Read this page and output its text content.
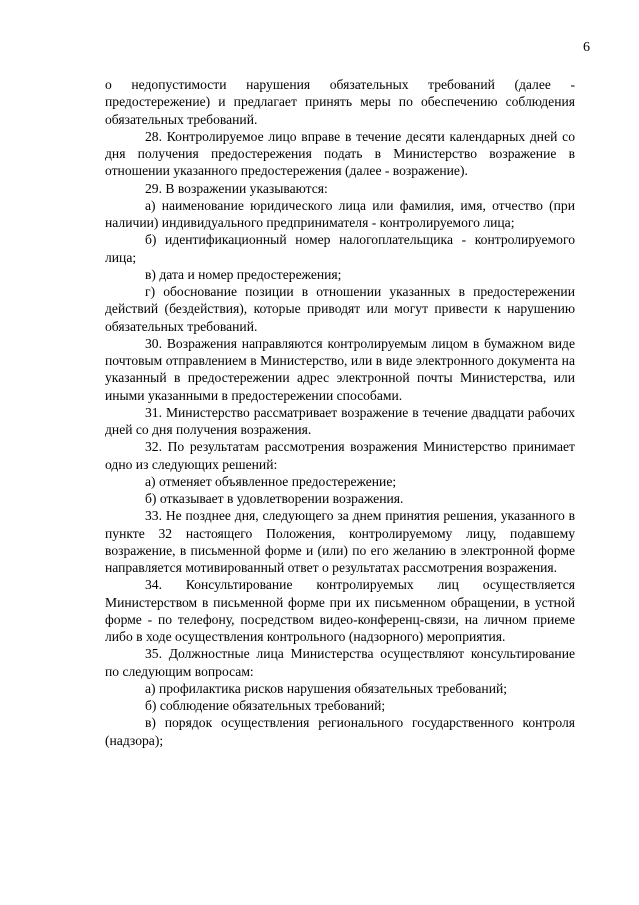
6

о недопустимости нарушения обязательных требований (далее - предостережение) и предлагает принять меры по обеспечению соблюдения обязательных требований.

28. Контролируемое лицо вправе в течение десяти календарных дней со дня получения предостережения подать в Министерство возражение в отношении указанного предостережения (далее - возражение).

29. В возражении указываются:

а) наименование юридического лица или фамилия, имя, отчество (при наличии) индивидуального предпринимателя - контролируемого лица;

б) идентификационный номер налогоплательщика - контролируемого лица;

в) дата и номер предостережения;

г) обоснование позиции в отношении указанных в предостережении действий (бездействия), которые приводят или могут привести к нарушению обязательных требований.

30. Возражения направляются контролируемым лицом в бумажном виде почтовым отправлением в Министерство, или в виде электронного документа на указанный в предостережении адрес электронной почты Министерства, или иными указанными в предостережении способами.

31. Министерство рассматривает возражение в течение двадцати рабочих дней со дня получения возражения.

32. По результатам рассмотрения возражения Министерство принимает одно из следующих решений:

а) отменяет объявленное предостережение;

б) отказывает в удовлетворении возражения.

33. Не позднее дня, следующего за днем принятия решения, указанного в пункте 32 настоящего Положения, контролируемому лицу, подавшему возражение, в письменной форме и (или) по его желанию в электронной форме направляется мотивированный ответ о результатах рассмотрения возражения.

34. Консультирование контролируемых лиц осуществляется Министерством в письменной форме при их письменном обращении, в устной форме - по телефону, посредством видео-конференц-связи, на личном приеме либо в ходе осуществления контрольного (надзорного) мероприятия.

35. Должностные лица Министерства осуществляют консультирование по следующим вопросам:

а) профилактика рисков нарушения обязательных требований;

б) соблюдение обязательных требований;

в) порядок осуществления регионального государственного контроля (надзора);
